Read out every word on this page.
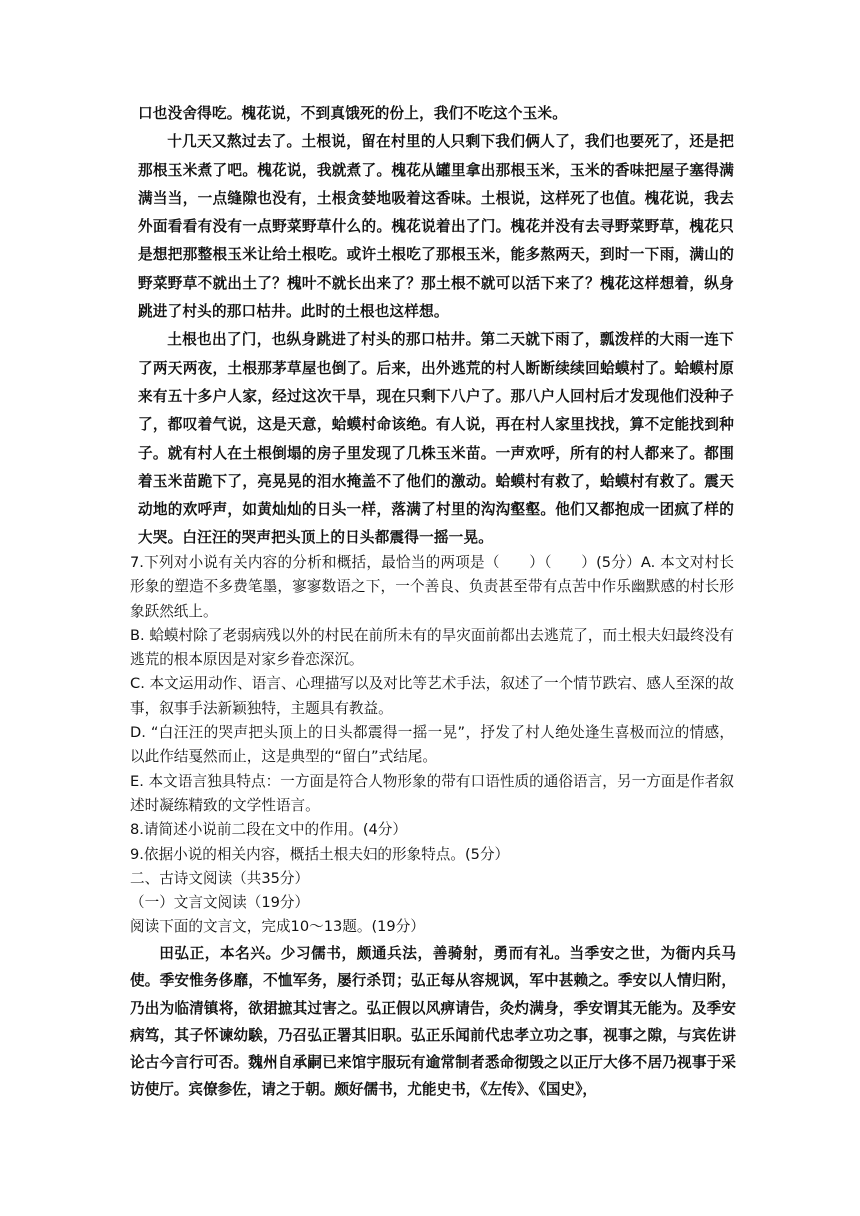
口也没舍得吃。槐花说，不到真饿死的份上，我们不吃这个玉米。

十几天又熬过去了。土根说，留在村里的人只剩下我们俩人了，我们也要死了，还是把那根玉米煮了吧。槐花说，我就煮了。槐花从罐里拿出那根玉米，玉米的香味把屋子塞得满满当当，一点缝隙也没有，土根贪婪地吸着这香味。土根说，这样死了也值。槐花说，我去外面看看有没有一点野菜野草什么的。槐花说着出了门。槐花并没有去寻野菜野草，槐花只是想把那整根玉米让给土根吃。或许土根吃了那根玉米，能多熬两天，到时一下雨，满山的野菜野草不就出土了？槐叶不就长出来了？那土根不就可以活下来了？槐花这样想着，纵身跳进了村头的那口枯井。此时的土根也这样想。

土根也出了门，也纵身跳进了村头的那口枯井。第二天就下雨了，瓢泼样的大雨一连下了两天两夜，土根那茅草屋也倒了。后来，出外逃荒的村人断断续续回蛤蟆村了。蛤蟆村原来有五十多户人家，经过这次干旱，现在只剩下八户了。那八户人回村后才发现他们没种子了，都叹着气说，这是天意，蛤蟆村命该绝。有人说，再在村人家里找找，算不定能找到种子。就有村人在土根倒塌的房子里发现了几株玉米苗。一声欢呼，所有的村人都来了。都围着玉米苗跪下了，亮晃晃的泪水掩盖不了他们的激动。蛤蟆村有救了，蛤蟆村有救了。震天动地的欢呼声，如黄灿灿的日头一样，落满了村里的沟沟壑壑。他们又都抱成一团疯了样的大哭。白汪汪的哭声把头顶上的日头都震得一摇一晃。

7.下列对小说有关内容的分析和概括，最恰当的两项是（　　）（　　）(5分）A. 本文对村长形象的塑造不多费笔墨，寥寥数语之下，一个善良、负责甚至带有点苦中作乐幽默感的村长形象跃然纸上。

B. 蛤蟆村除了老弱病残以外的村民在前所未有的旱灾面前都出去逃荒了，而土根夫妇最终没有逃荒的根本原因是对家乡眷恋深沉。

C. 本文运用动作、语言、心理描写以及对比等艺术手法，叙述了一个情节跌宕、感人至深的故事，叙事手法新颖独特，主题具有教益。

D. “白汪汪的哭声把头顶上的日头都震得一摇一晃”，抒发了村人绝处逢生喜极而泣的情感，以此作结戛然而止，这是典型的“留白”式结尾。

E. 本文语言独具特点：一方面是符合人物形象的带有口语性质的通俗语言，另一方面是作者叙述时凝练精致的文学性语言。

8.请简述小说前二段在文中的作用。(4分）

9.依据小说的相关内容，概括土根夫妇的形象特点。(5分）

二、古诗文阅读（共35分）

（一）文言文阅读（19分）

阅读下面的文言文，完成10～13题。(19分）

田弘正，本名兴。少习儒书，颇通兵法，善骑射，勇而有礼。当季安之世，为衙内兵马使。季安惟务侈靡，不恤军务，屡行杀罚；弘正每从容规讽，军中甚赖之。季安以人情归附，乃出为临清镇将，欲捃摭其过害之。弘正假以风痹请告，灸灼满身，季安谓其无能为。及季安病笃，其子怀谏幼騃，乃召弘正署其旧职。弘正乐闻前代忠孝立功之事，视事之隙，与宾佐讲论古今言行可否。魏州自承嗣已来馆宇服玩有逾常制者悉命彻毁之以正厅大侈不居乃视事于采访使厅。宾僚参佐，请之于朝。颇好儒书，尤能史书，《左传》、《国史》，
